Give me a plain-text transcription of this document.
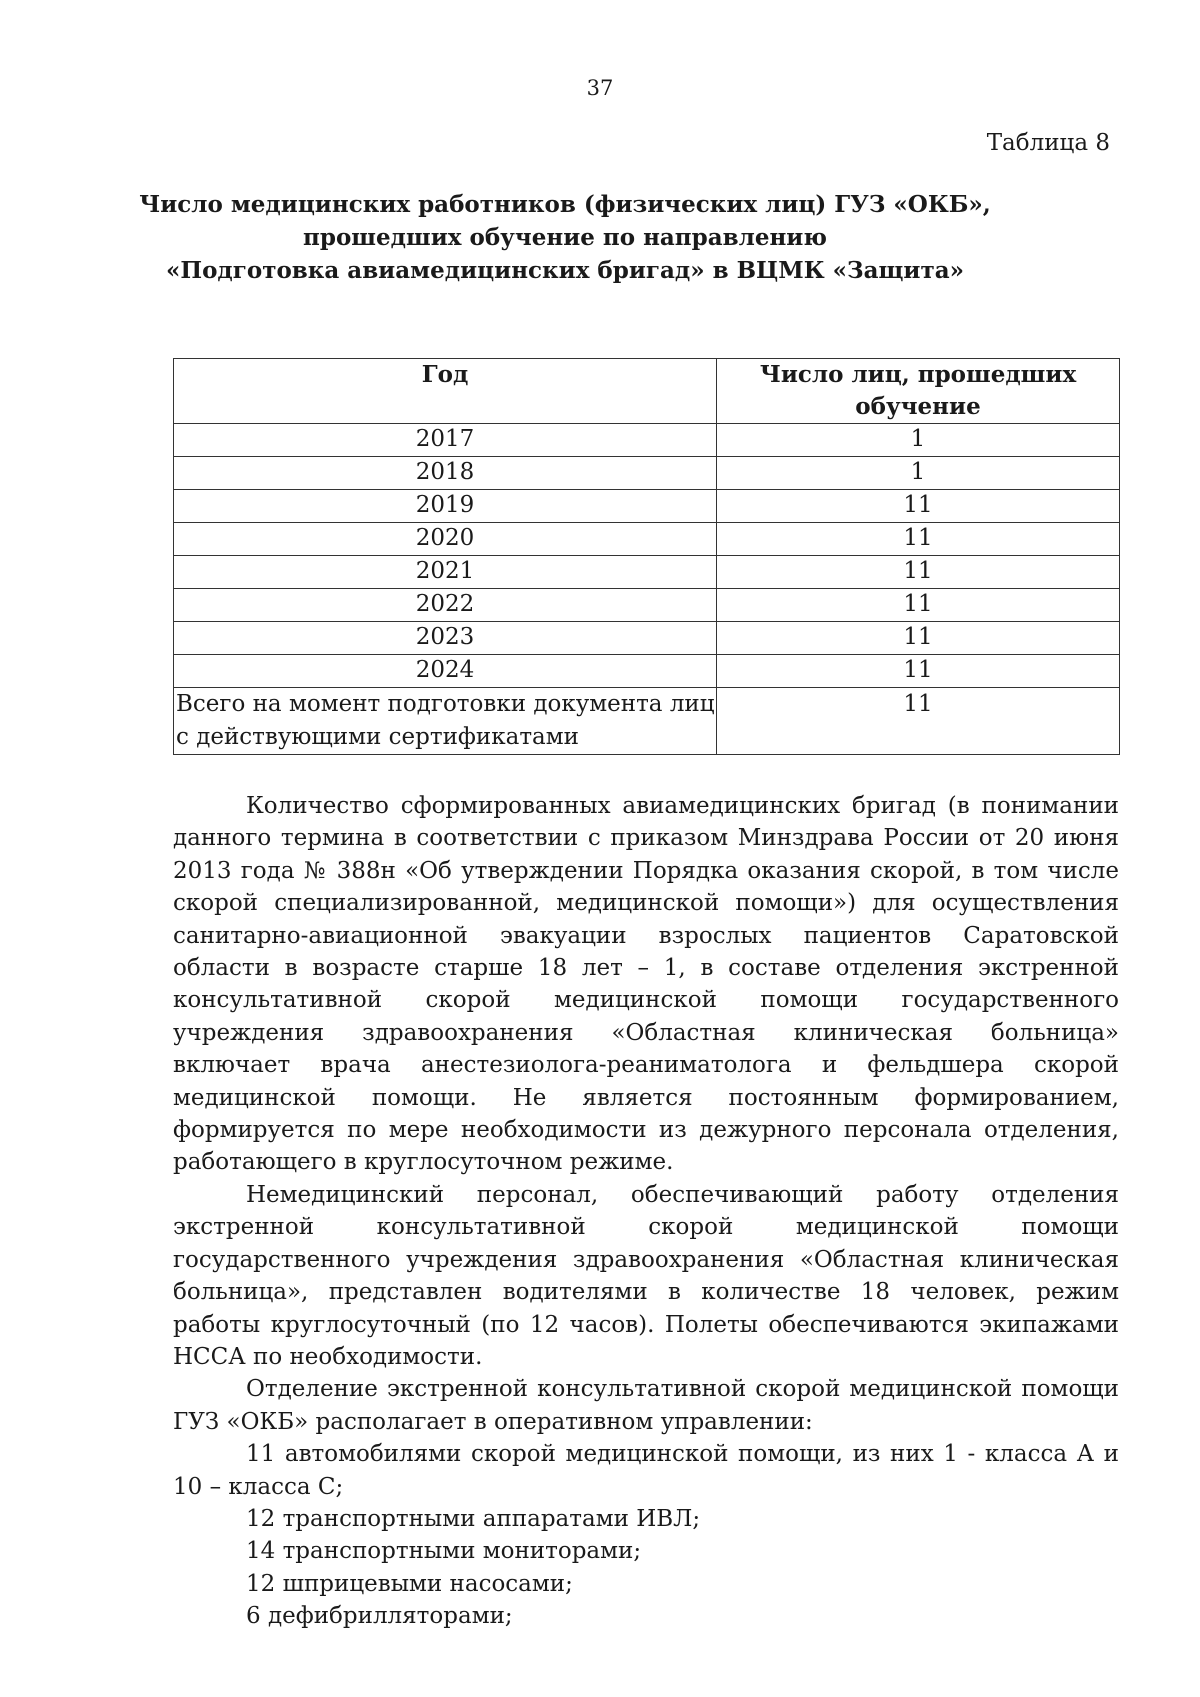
37
Таблица 8
Число медицинских работников (физических лиц) ГУЗ «ОКБ»,
прошедших обучение по направлению
«Подготовка авиамедицинских бригад» в ВЦМК «Защита»
Год	Число лиц, прошедших обучение
2017	1
2018	1
2019	11
2020	11
2021	11
2022	11
2023	11
2024	11
Всего на момент подготовки документа лиц с действующими сертификатами	11

Количество сформированных авиамедицинских бригад (в понимании данного термина в соответствии с приказом Минздрава России от 20 июня 2013 года № 388н «Об утверждении Порядка оказания скорой, в том числе скорой специализированной, медицинской помощи») для осуществления санитарно-авиационной эвакуации взрослых пациентов Саратовской области в возрасте старше 18 лет – 1, в составе отделения экстренной консультативной скорой медицинской помощи государственного учреждения здравоохранения «Областная клиническая больница» включает врача анестезиолога-реаниматолога и фельдшера скорой медицинской помощи. Не является постоянным формированием, формируется по мере необходимости из дежурного персонала отделения, работающего в круглосуточном режиме.

Немедицинский персонал, обеспечивающий работу отделения экстренной консультативной скорой медицинской помощи государственного учреждения здравоохранения «Областная клиническая больница», представлен водителями в количестве 18 человек, режим работы круглосуточный (по 12 часов). Полеты обеспечиваются экипажами НССА по необходимости.

Отделение экстренной консультативной скорой медицинской помощи ГУЗ «ОКБ» располагает в оперативном управлении:

11 автомобилями скорой медицинской помощи, из них 1 - класса А и 10 – класса С;

12 транспортными аппаратами ИВЛ;

14 транспортными мониторами;

12 шприцевыми насосами;

6 дефибрилляторами;
